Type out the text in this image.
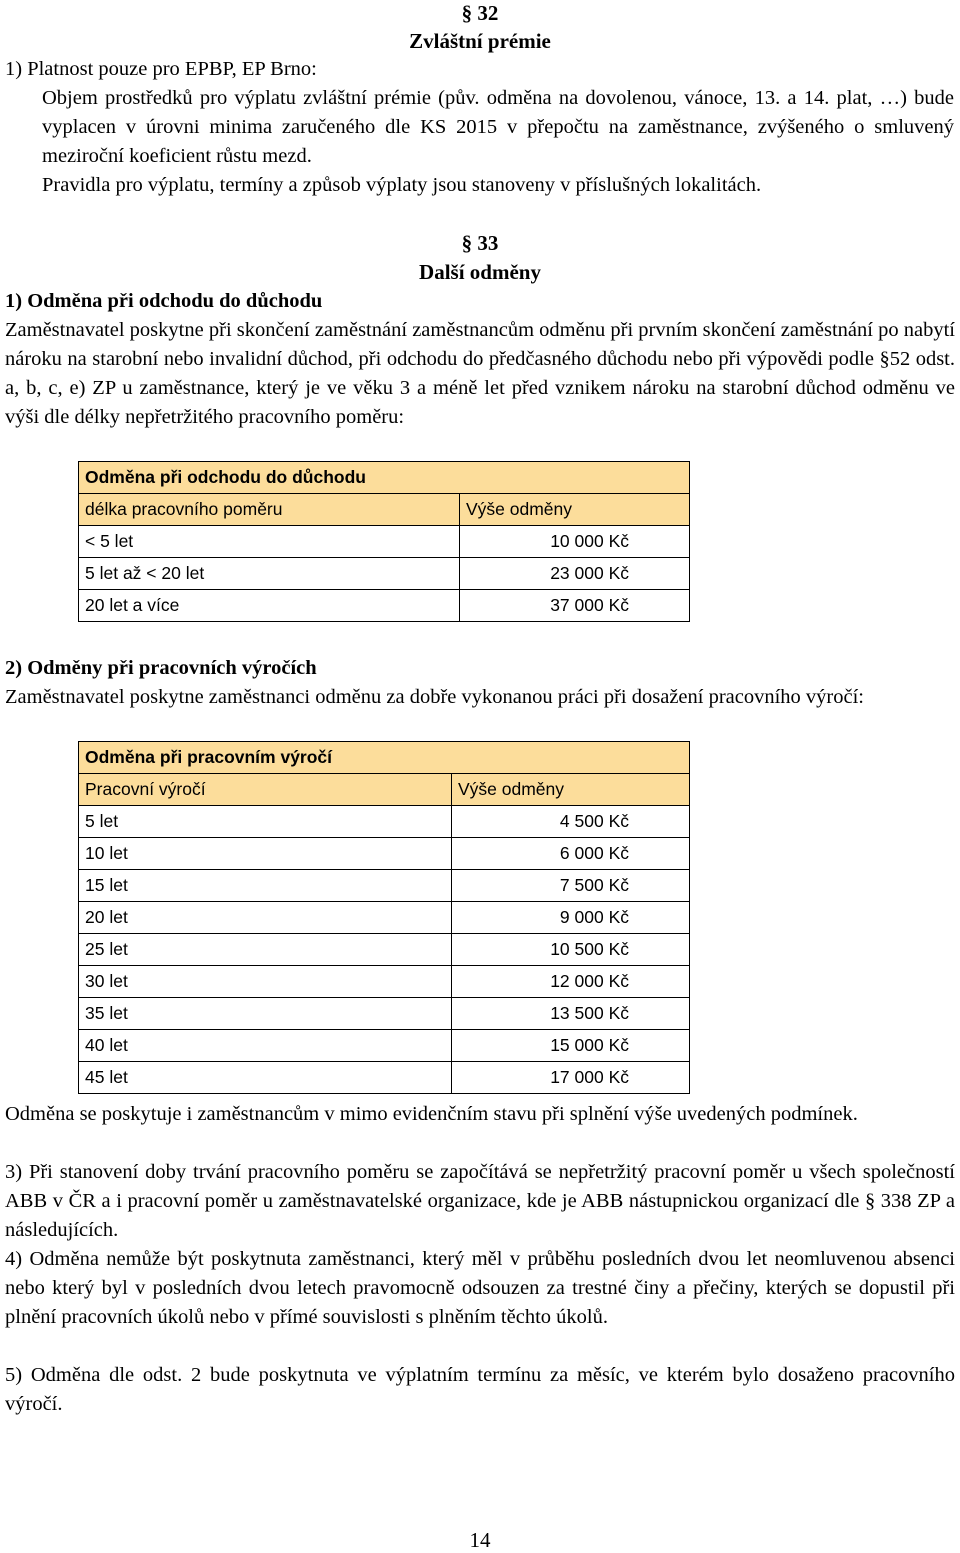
§ 32
Zvláštní prémie
1) Platnost pouze pro EPBP, EP Brno:
Objem prostředků pro výplatu zvláštní prémie (pův. odměna na dovolenou, vánoce, 13. a 14. plat, …) bude vyplacen v úrovni minima zaručeného dle KS 2015 v přepočtu na zaměstnance, zvýšeného o smluvený meziroční koeficient růstu mezd.
Pravidla pro výplatu, termíny a způsob výplaty jsou stanoveny v příslušných lokalitách.
§ 33
Další odměny
1) Odměna při odchodu do důchodu
Zaměstnavatel poskytne při skončení zaměstnání zaměstnancům odměnu při prvním skončení zaměstnání po nabytí nároku na starobní nebo invalidní důchod, při odchodu do předčasného důchodu nebo při výpovědi podle §52 odst. a, b, c, e) ZP u zaměstnance, který je ve věku 3 a méně let před vznikem nároku na starobní důchod odměnu ve výši dle délky nepřetržitého pracovního poměru:
Odměna při odchodu do důchodu	
délka pracovního poměru	Výše odměny
< 5 let	10 000 Kč
5 let až < 20 let	23 000 Kč
20 let a více	37 000 Kč
2) Odměny při pracovních výročích
Zaměstnavatel poskytne zaměstnanci odměnu za dobře vykonanou práci při dosažení pracovního výročí:
Odměna při pracovním výročí	
Pracovní výročí	Výše odměny
5 let	4 500 Kč
10 let	6 000 Kč
15 let	7 500 Kč
20 let	9 000 Kč
25 let	10 500 Kč
30 let	12 000 Kč
35 let	13 500 Kč
40 let	15 000 Kč
45 let	17 000 Kč
Odměna se poskytuje i zaměstnancům v mimo evidenčním stavu při splnění výše uvedených podmínek.
3) Při stanovení doby trvání pracovního poměru se započítává se nepřetržitý pracovní poměr u všech společností ABB v ČR a i pracovní poměr u zaměstnavatelské organizace, kde je ABB nástupnickou organizací dle § 338 ZP a následujících.
4) Odměna nemůže být poskytnuta zaměstnanci, který měl v průběhu posledních dvou let neomluvenou absenci nebo který byl v posledních dvou letech pravomocně odsouzen za trestné činy a přečiny, kterých se dopustil při plnění pracovních úkolů nebo v přímé souvislosti s plněním těchto úkolů.
5) Odměna dle odst. 2 bude poskytnuta ve výplatním termínu za měsíc, ve kterém bylo dosaženo pracovního výročí.
14
